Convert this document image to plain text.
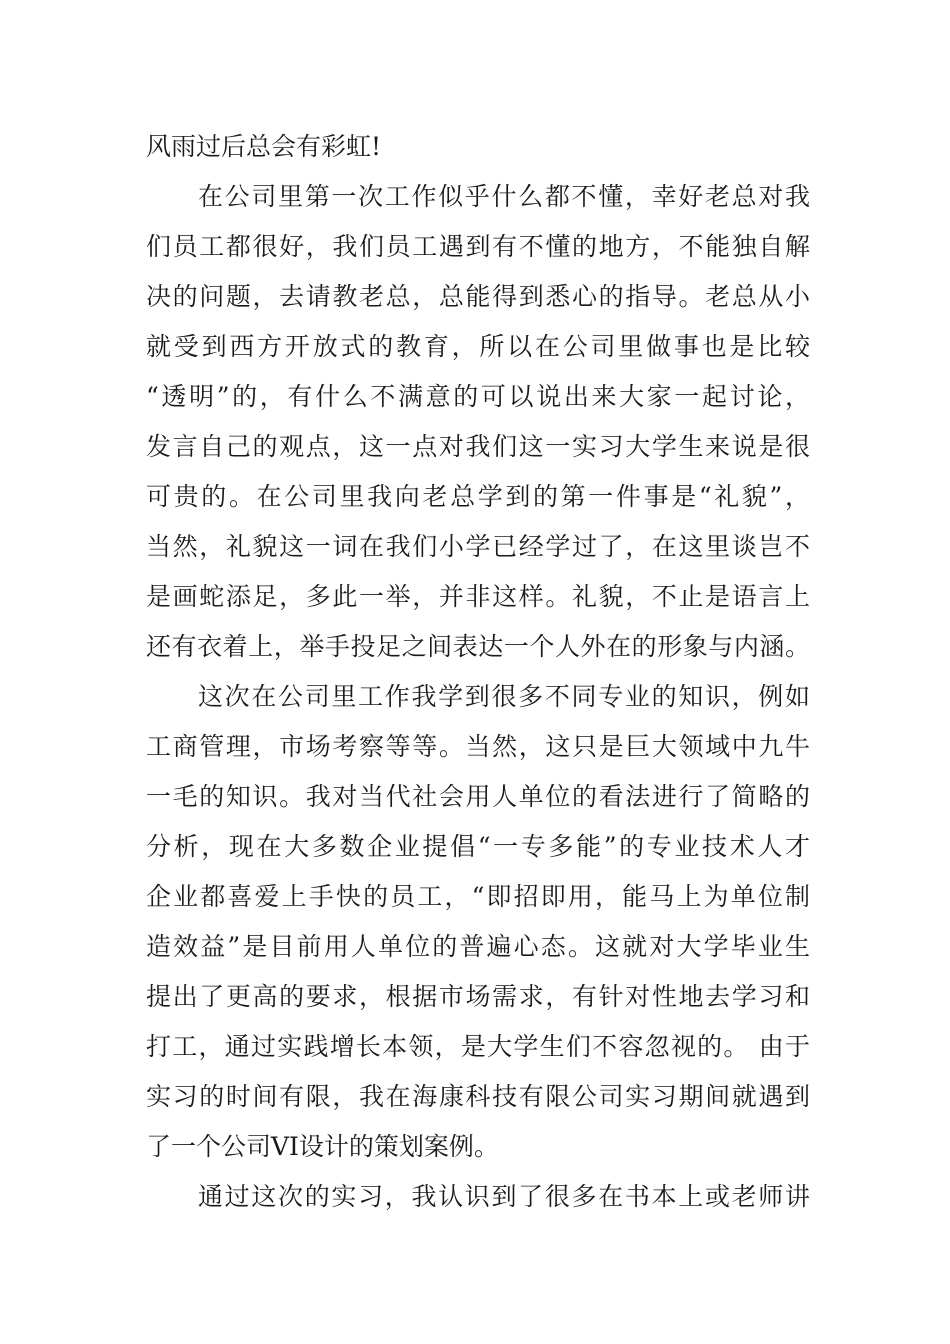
风雨过后总会有彩虹!
在公司里第一次工作似乎什么都不懂，幸好老总对我
们员工都很好，我们员工遇到有不懂的地方，不能独自解
决的问题，去请教老总，总能得到悉心的指导。老总从小
就受到西方开放式的教育，所以在公司里做事也是比较
“透明”的，有什么不满意的可以说出来大家一起讨论，
发言自己的观点，这一点对我们这一实习大学生来说是很
可贵的。在公司里我向老总学到的第一件事是“礼貌”，
当然，礼貌这一词在我们小学已经学过了，在这里谈岂不
是画蛇添足，多此一举，并非这样。礼貌，不止是语言上
还有衣着上，举手投足之间表达一个人外在的形象与内涵。
这次在公司里工作我学到很多不同专业的知识，例如
工商管理，市场考察等等。当然，这只是巨大领域中九牛
一毛的知识。我对当代社会用人单位的看法进行了简略的
分析，现在大多数企业提倡“一专多能”的专业技术人才
企业都喜爱上手快的员工，“即招即用，能马上为单位制
造效益”是目前用人单位的普遍心态。这就对大学毕业生
提出了更高的要求，根据市场需求，有针对性地去学习和
打工，通过实践增长本领，是大学生们不容忽视的。 由于
实习的时间有限，我在海康科技有限公司实习期间就遇到
了一个公司VI设计的策划案例。
通过这次的实习，我认识到了很多在书本上或老师讲
